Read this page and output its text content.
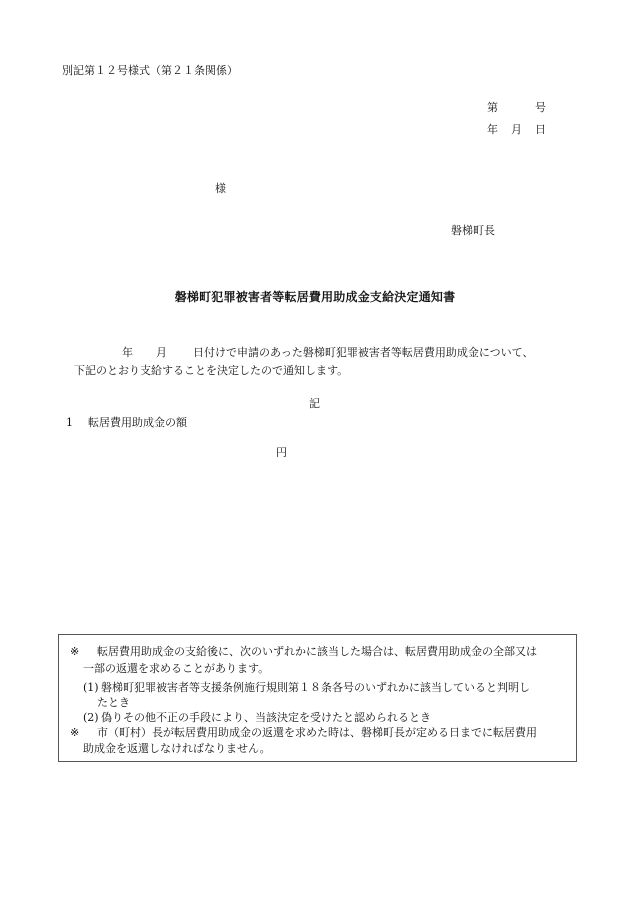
別記第１２号様式（第２１条関係）
第	号
年 月 日
様
磐梯町長
磐梯町犯罪被害者等転居費用助成金支給決定通知書
年 月 日付けで申請のあった磐梯町犯罪被害者等転居費用助成金について、
下記のとおり支給することを決定したので通知します。
記
1 転居費用助成金の額
円
※ 転居費用助成金の支給後に、次のいずれかに該当した場合は、転居費用助成金の全部又は
一部の返還を求めることがあります。
(1) 磐梯町犯罪被害者等支援条例施行規則第１８条各号のいずれかに該当していると判明し
たとき
(2) 偽りその他不正の手段により、当該決定を受けたと認められるとき
※ 市（町村）長が転居費用助成金の返還を求めた時は、磐梯町長が定める日までに転居費用
助成金を返還しなければなりません。
